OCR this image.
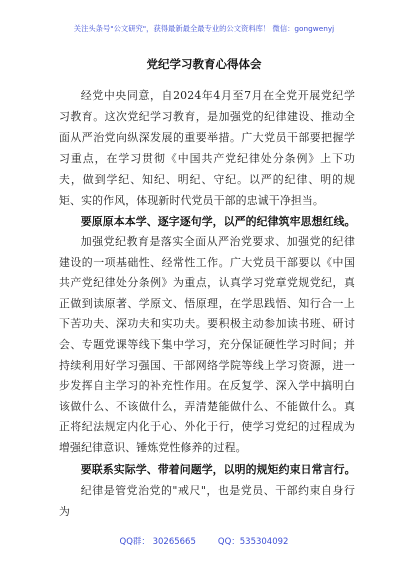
关注头条号"公文研究"，获得最新最全最专业的公文资料库！ 微信：gongwenyj
党纪学习教育心得体会

经党中央同意，自2024年4月至7月在全党开展党纪学习教育。这次党纪学习教育，是加强党的纪律建设、推动全面从严治党向纵深发展的重要举措。广大党员干部要把握学习重点，在学习贯彻《中国共产党纪律处分条例》上下功夫，做到学纪、知纪、明纪、守纪。以严的纪律、明的规矩、实的作风，体现新时代党员干部的忠诚干净担当。

要原原本本学、逐字逐句学，以严的纪律筑牢思想红线。

加强党纪教育是落实全面从严治党要求、加强党的纪律建设的一项基础性、经常性工作。广大党员干部要以《中国共产党纪律处分条例》为重点，认真学习党章党规党纪，真正做到读原著、学原文、悟原理，在学思践悟、知行合一上下苦功夫、深功夫和实功夫。要积极主动参加读书班、研讨会、专题党课等线下集中学习，充分保证硬性学习时间；并持续利用好学习强国、干部网络学院等线上学习资源，进一步发挥自主学习的补充性作用。在反复学、深入学中搞明白该做什么、不该做什么，弄清楚能做什么、不能做什么。真正将纪法规定内化于心、外化于行，使学习党纪的过程成为增强纪律意识、锤炼党性修养的过程。

要联系实际学、带着问题学，以明的规矩约束日常言行。

纪律是管党治党的"戒尺"，也是党员、干部约束自身行为

QQ群： 30265665	QQ：535304092
